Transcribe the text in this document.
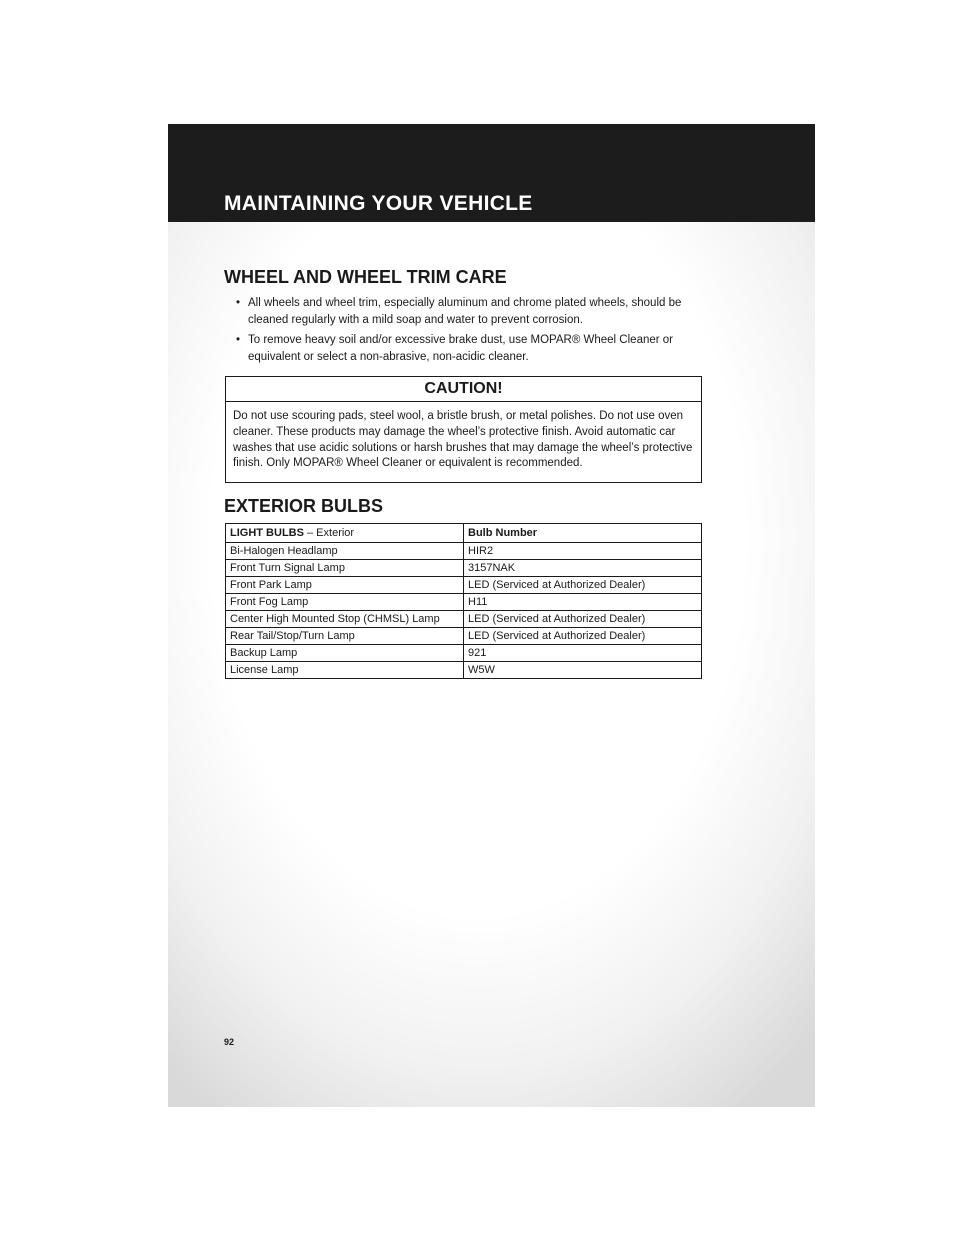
MAINTAINING YOUR VEHICLE
WHEEL AND WHEEL TRIM CARE
• All wheels and wheel trim, especially aluminum and chrome plated wheels, should be cleaned regularly with a mild soap and water to prevent corrosion.
• To remove heavy soil and/or excessive brake dust, use MOPAR® Wheel Cleaner or equivalent or select a non-abrasive, non-acidic cleaner.
CAUTION!
Do not use scouring pads, steel wool, a bristle brush, or metal polishes. Do not use oven cleaner. These products may damage the wheel’s protective finish. Avoid automatic car washes that use acidic solutions or harsh brushes that may damage the wheel’s protective finish. Only MOPAR® Wheel Cleaner or equivalent is recommended.
EXTERIOR BULBS
LIGHT BULBS – Exterior	Bulb Number
Bi-Halogen Headlamp	HIR2
Front Turn Signal Lamp	3157NAK
Front Park Lamp	LED (Serviced at Authorized Dealer)
Front Fog Lamp	H11
Center High Mounted Stop (CHMSL) Lamp	LED (Serviced at Authorized Dealer)
Rear Tail/Stop/Turn Lamp	LED (Serviced at Authorized Dealer)
Backup Lamp	921
License Lamp	W5W
92
